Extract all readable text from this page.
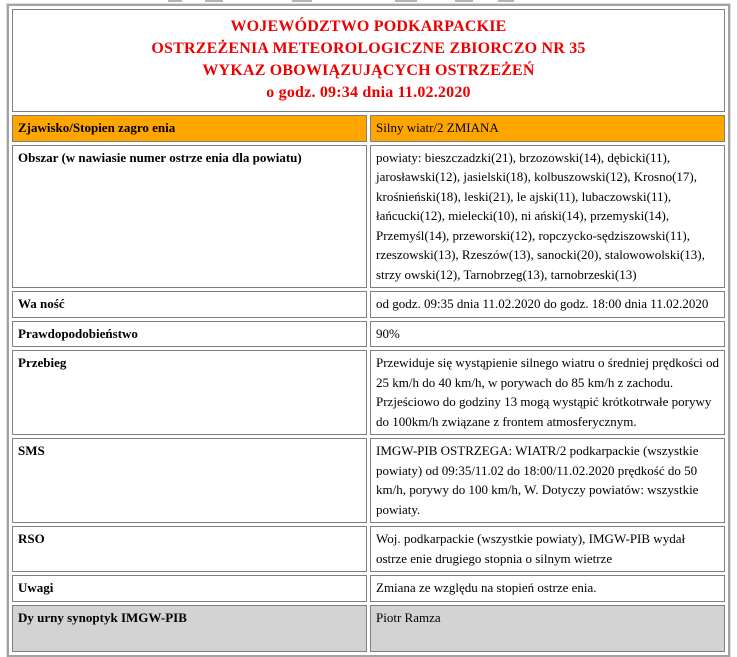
WOJEWÓDZTWO PODKARPACKIE
OSTRZEŻENIA METEOROLOGICZNE ZBIORCZO NR 35
WYKAZ OBOWIĄZUJĄCYCH OSTRZEŻEŃ
o godz. 09:34 dnia 11.02.2020	

Zjawisko/Stopien zagro enia	Silny wiatr/2 ZMIANA
Obszar (w nawiasie numer ostrze enia dla powiatu)	powiaty: bieszczadzki(21), brzozowski(14), dębicki(11), jarosławski(12), jasielski(18), kolbuszowski(12), Krosno(17), krośnieński(18), leski(21), le ajski(11), lubaczowski(11), łańcucki(12), mielecki(10), ni ański(14), przemyski(14), Przemyśl(14), przeworski(12), ropczycko-sędziszowski(11), rzeszowski(13), Rzeszów(13), sanocki(20), stalowowolski(13), strzy owski(12), Tarnobrzeg(13), tarnobrzeski(13)
Wa ność	od godz. 09:35 dnia 11.02.2020 do godz. 18:00 dnia 11.02.2020
Prawdopodobieństwo	90%
Przebieg	Przewiduje się wystąpienie silnego wiatru o średniej prędkości od 25 km/h do 40 km/h, w porywach do 85 km/h z zachodu. Przjeściowo do godziny 13 mogą wystąpić krótkotrwałe porywy do 100km/h związane z frontem atmosferycznym.
SMS	IMGW-PIB OSTRZEGA: WIATR/2 podkarpackie (wszystkie powiaty) od 09:35/11.02 do 18:00/11.02.2020 prędkość do 50 km/h, porywy do 100 km/h, W. Dotyczy powiatów: wszystkie powiaty.
RSO	Woj. podkarpackie (wszystkie powiaty), IMGW-PIB wydał ostrze enie drugiego stopnia o silnym wietrze
Uwagi	Zmiana ze względu na stopień ostrze enia.
Dy urny synoptyk IMGW-PIB	Piotr Ramza
